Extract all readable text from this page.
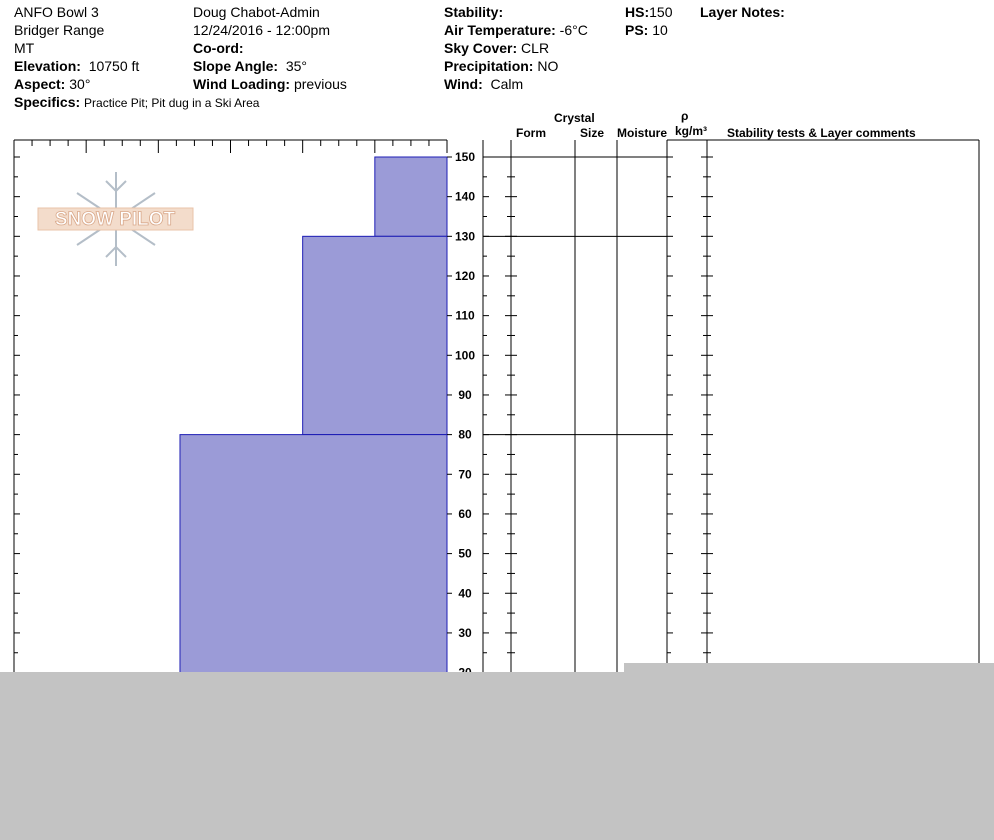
ANFO Bowl 3
Bridger Range
MT
Elevation: 10750 ft
Aspect: 30°
Specifics: Practice Pit; Pit dug in a Ski Area
Doug Chabot-Admin
12/24/2016 - 12:00pm
Co-ord:
Slope Angle: 35°
Wind Loading: previous
Stability:
Air Temperature: -6°C
Sky Cover: CLR
Precipitation: NO
Wind: Calm
HS:150
PS: 10
Layer Notes:
Crystal
Form	Size Moisture
ρ
kg/m³ Stability tests & Layer comments
SNOW PILOT
30
40
50
60
70
80
90
100
110
120
130
140
150
